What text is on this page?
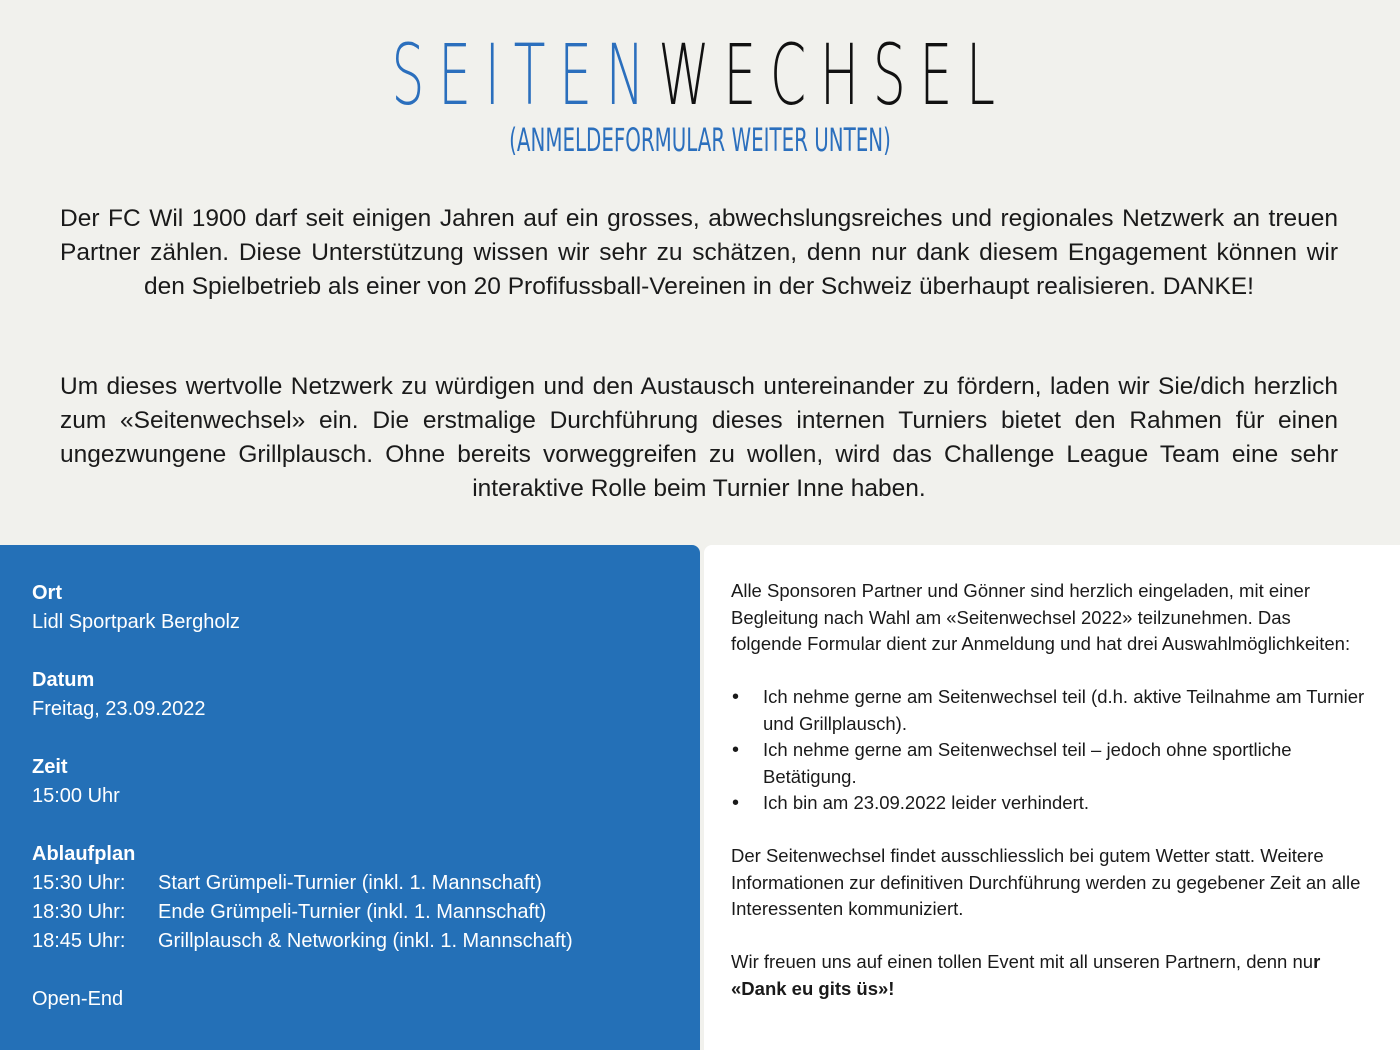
SEITENWECHSEL
(ANMELDEFORMULAR WEITER UNTEN)

Der FC Wil 1900 darf seit einigen Jahren auf ein grosses, abwechslungsreiches und regionales Netzwerk an treuen Partner zählen. Diese Unterstützung wissen wir sehr zu schätzen, denn nur dank diesem Engagement können wir den Spielbetrieb als einer von 20 Profifussball-Vereinen in der Schweiz überhaupt realisieren. DANKE!

Um dieses wertvolle Netzwerk zu würdigen und den Austausch untereinander zu fördern, laden wir Sie/dich herzlich zum «Seitenwechsel» ein. Die erstmalige Durchführung dieses internen Turniers bietet den Rahmen für einen ungezwungene Grillplausch. Ohne bereits vorweggreifen zu wollen, wird das Challenge League Team eine sehr interaktive Rolle beim Turnier Inne haben.

Ort
Lidl Sportpark Bergholz
Datum
Freitag, 23.09.2022
Zeit
15:00 Uhr
Ablaufplan
15:30 Uhr:	Start Grümpeli-Turnier (inkl. 1. Mannschaft)
18:30 Uhr:	Ende Grümpeli-Turnier (inkl. 1. Mannschaft)
18:45 Uhr:	Grillplausch & Networking (inkl. 1. Mannschaft)
Open-End

Alle Sponsoren Partner und Gönner sind herzlich eingeladen, mit einer Begleitung nach Wahl am «Seitenwechsel 2022» teilzunehmen. Das folgende Formular dient zur Anmeldung und hat drei Auswahlmöglichkeiten:

• Ich nehme gerne am Seitenwechsel teil (d.h. aktive Teilnahme am Turnier und Grillplausch).
• Ich nehme gerne am Seitenwechsel teil – jedoch ohne sportliche Betätigung.
• Ich bin am 23.09.2022 leider verhindert.

Der Seitenwechsel findet ausschliesslich bei gutem Wetter statt. Weitere Informationen zur definitiven Durchführung werden zu gegebener Zeit an alle Interessenten kommuniziert.

Wir freuen uns auf einen tollen Event mit all unseren Partnern, denn nur «Dank eu gits üs»!
